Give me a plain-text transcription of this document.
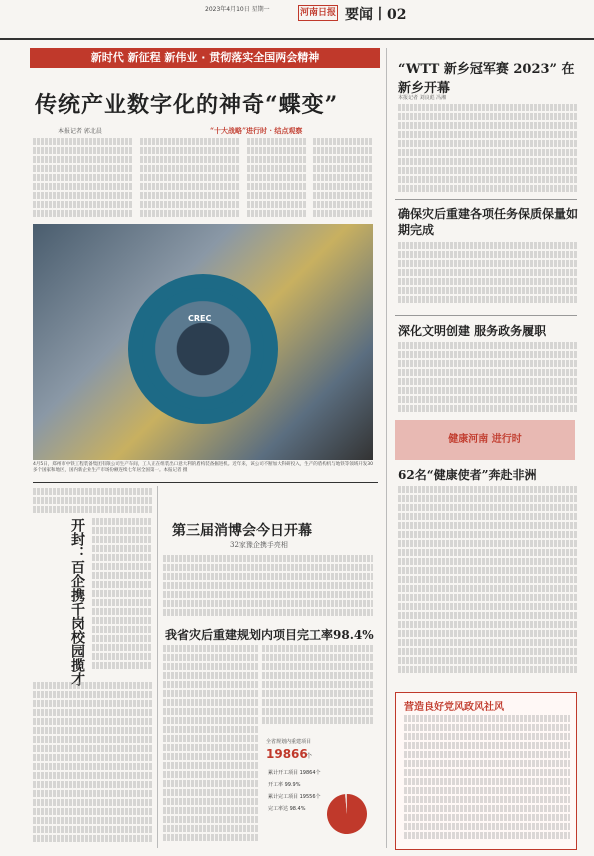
2023年4月10日 星期一	河南日报 要闻丨02
新时代 新征程 新伟业 · 贯彻落实全国两会精神
传统产业数字化的神奇“蝶变”
本报记者 郭北晨	“十大战略”进行时 · 结点观察
CREC
4月5日，郑州市中铁工程装备集团有限公司生产车间，工人正在组装出口意大利的盾构装备掘进机。近年来，该公司不断加大科研投入，生产的盾构机与地铁等领域开发30多个国家和地区，国内新企业生产市场份额连续七年居全国第一。本报记者 摄
“WTT 新乡冠军赛 2023” 在新乡开幕
本报记者 刘良彪 冯湘
确保灾后重建各项任务保质保量如期完成
深化文明创建 服务政务履职
健康河南 进行时
62名“健康使者”奔赴非洲
开封：百企携千岗校园揽才	第三届消博会今日开幕
32家豫企携手亮相
我省灾后重建规划内项目完工率98.4%
全省规划内重建项目
19866
个
累计开工项目 19864个
开工率 99.9%
累计完工项目 19556个
完工率达 98.4%
营造良好党风政风社风
